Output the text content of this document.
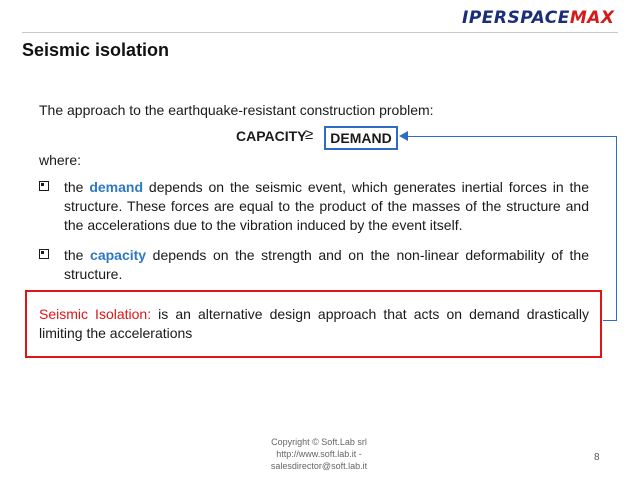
IPERSPACEMAX
Seismic isolation
The approach to the earthquake-resistant construction problem:
CAPACITY
≥	DEMAND
where:
the demand depends on the seismic event, which generates inertial forces in the structure. These forces are equal to the product of the masses of the structure and the accelerations due to the vibration induced by the event itself.
the capacity depends on the strength and on the non-linear deformability of the structure.
Seismic Isolation: is an alternative design approach that acts on demand drastically limiting the accelerations
Copyright © Soft.Lab srl
http://www.soft.lab.it -
salesdirector@soft.lab.it
8
